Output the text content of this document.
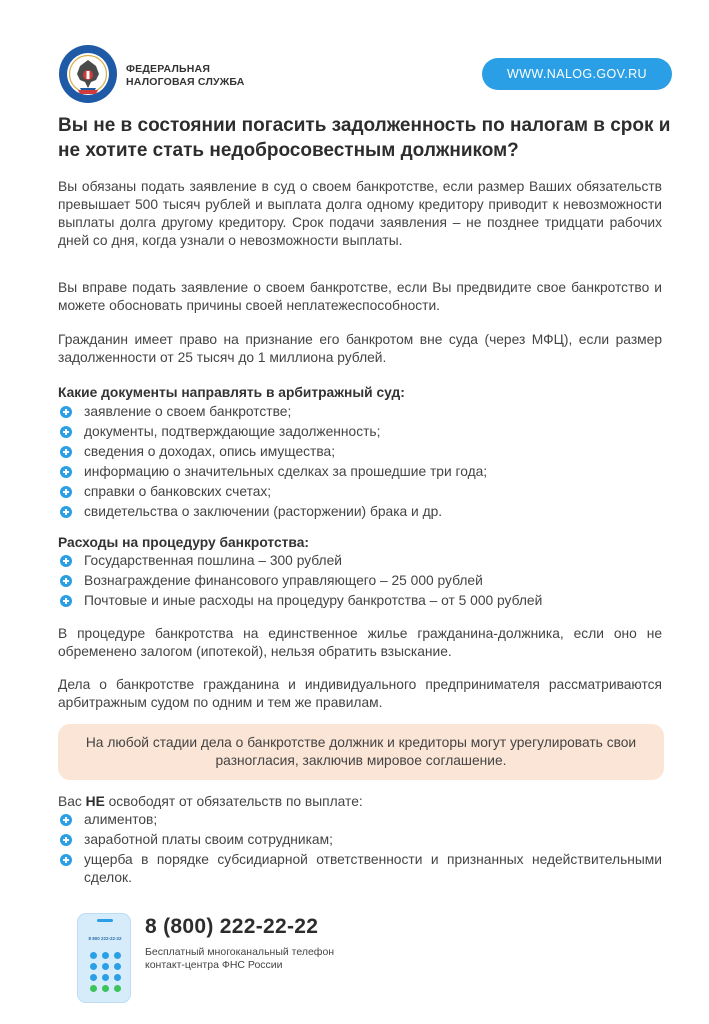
ФЕДЕРАЛЬНАЯ
НАЛОГОВАЯ СЛУЖБА
WWW.NALOG.GOV.RU
Вы не в состоянии погасить задолженность по налогам в срок и не хотите стать недобросовестным должником?

Вы обязаны подать заявление в суд о своем банкротстве, если размер Ваших обязательств превышает 500 тысяч рублей и выплата долга одному кредитору приводит к невозможности выплаты долга другому кредитору. Срок подачи заявления – не позднее тридцати рабочих дней со дня, когда узнали о невозможности выплаты.

Вы вправе подать заявление о своем банкротстве, если Вы предвидите свое банкротство и можете обосновать причины своей неплатежеспособности.

Гражданин имеет право на признание его банкротом вне суда (через МФЦ), если размер задолженности от 25 тысяч до 1 миллиона рублей.

Какие документы направлять в арбитражный суд:
заявление о своем банкротстве;
документы, подтверждающие задолженность;
сведения о доходах, опись имущества;
информацию о значительных сделках за прошедшие три года;
справки о банковских счетах;
свидетельства о заключении (расторжении) брака и др.
Расходы на процедуру банкротства:
Государственная пошлина – 300 рублей
Вознаграждение финансового управляющего – 25 000 рублей
Почтовые и иные расходы на процедуру банкротства – от 5 000 рублей

В процедуре банкротства на единственное жилье гражданина-должника, если оно не обременено залогом (ипотекой), нельзя обратить взыскание.

Дела о банкротстве гражданина и индивидуального предпринимателя рассматриваются арбитражным судом по одним и тем же правилам.

На любой стадии дела о банкротстве должник и кредиторы могут урегулировать свои разногласия, заключив мировое соглашение.
Вас НЕ освободят от обязательств по выплате:
алиментов;
заработной платы своим сотрудникам;
ущерба в порядке субсидиарной ответственности и признанных недействительными сделок.
8 800 222-22-22
8 (800) 222-22-22
Бесплатный многоканальный телефон
контакт-центра ФНС России
